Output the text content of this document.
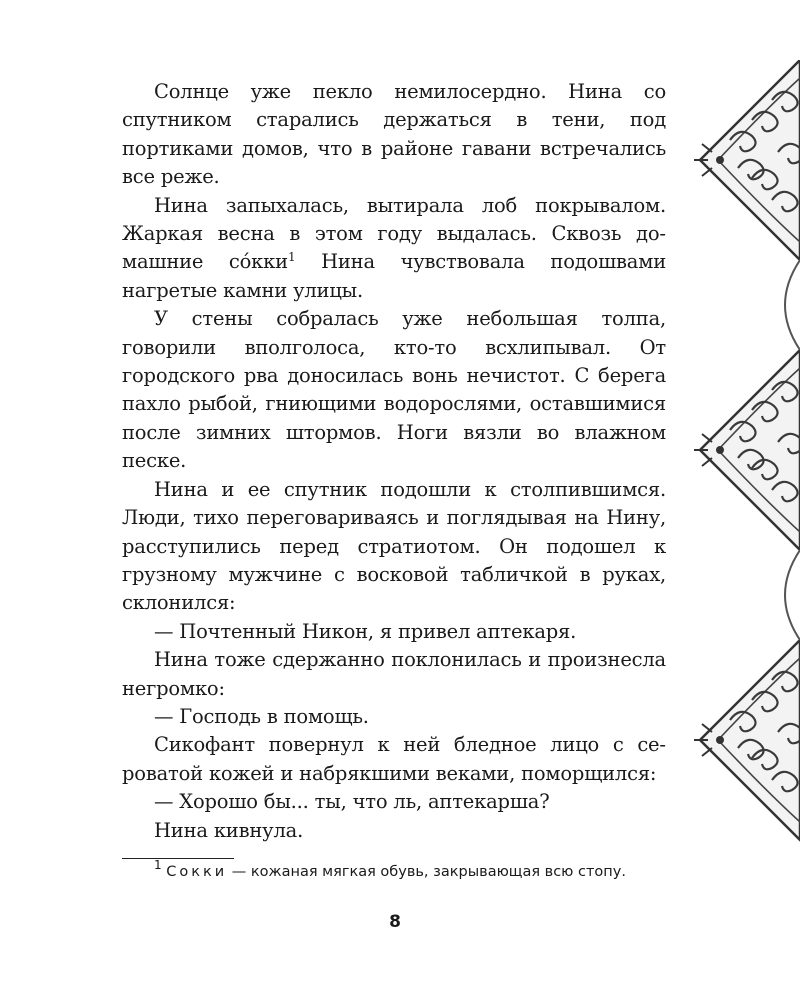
Солнце уже пекло немилосердно. Нина со спутником старались держаться в тени, под портиками домов, что в районе гавани встречались все реже.

Нина запыхалась, вытирала лоб покрывалом. Жаркая весна в этом году выдалась. Сквозь домашние со́кки$^1$ Нина чувствовала подошвами нагретые камни улицы.

У стены собралась уже небольшая толпа, говорили вполголоса, кто-то всхлипывал. От городского рва доносилась вонь нечистот. С берега пахло рыбой, гниющими водорослями, оставшимися после зимних штормов. Ноги вязли во влажном песке.

Нина и ее спутник подошли к столпившимся. Люди, тихо переговариваясь и поглядывая на Нину, расступились перед стратиотом. Он подошел к грузному мужчине с восковой табличкой в руках, склонился:

— Почтенный Никон, я привел аптекаря.

Нина тоже сдержанно поклонилась и произнесла негромко:

— Господь в помощь.

Сикофант повернул к ней бледное лицо с сероватой кожей и набрякшими веками, поморщился:

— Хорошо бы... ты, что ль, аптекарша?

Нина кивнула.

$^1$ Сокки — кожаная мягкая обувь, закрывающая всю стопу.

8
